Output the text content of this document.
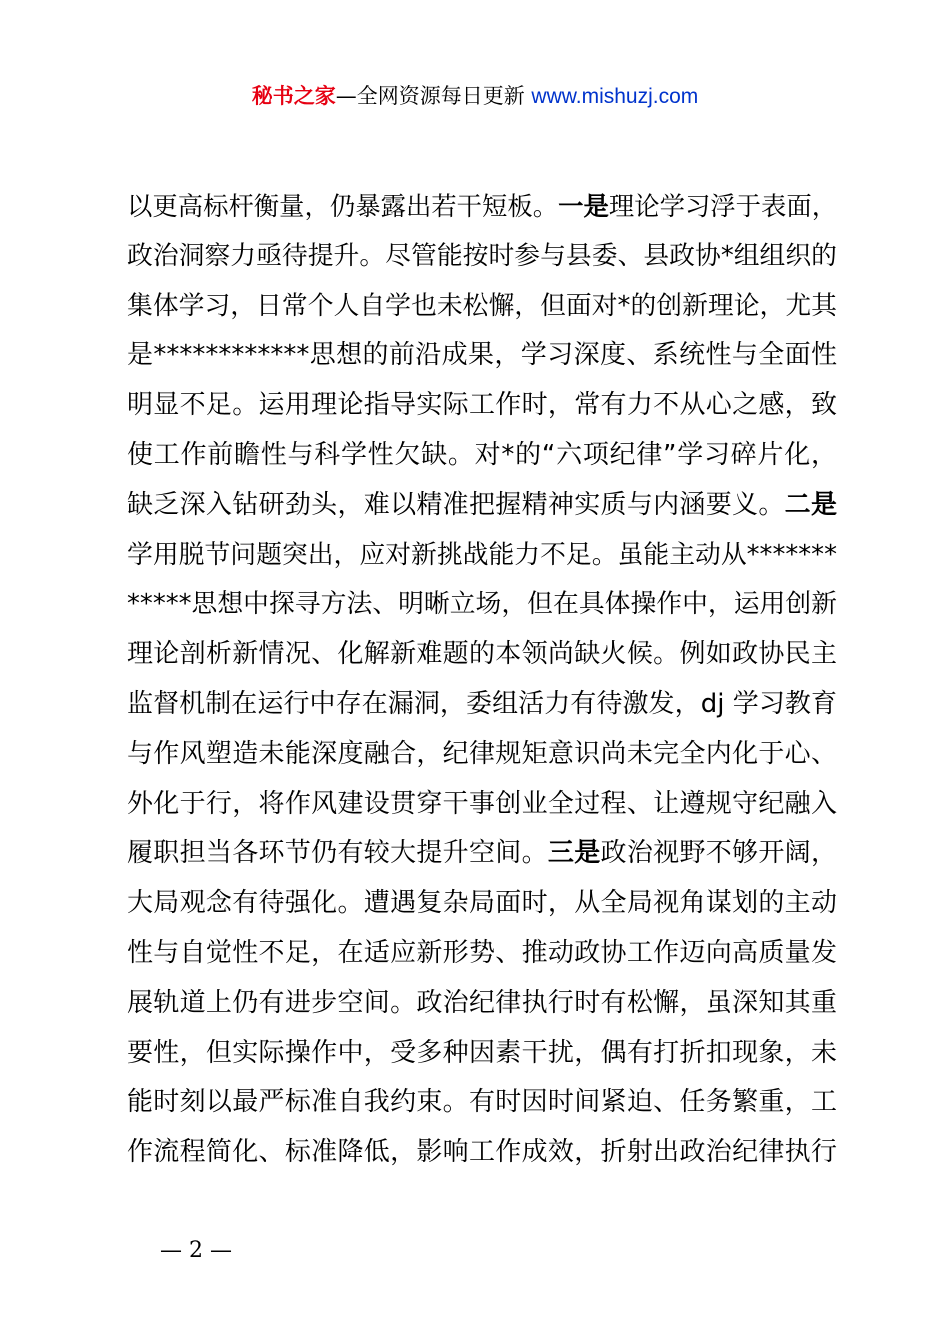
秘书之家—全网资源每日更新 www.mishuzj.com
以更高标杆衡量，仍暴露出若干短板。一是理论学习浮于表面，
政治洞察力亟待提升。尽管能按时参与县委、县政协*组组织的
集体学习，日常个人自学也未松懈，但面对*的创新理论，尤其
是************思想的前沿成果，学习深度、系统性与全面性
明显不足。运用理论指导实际工作时，常有力不从心之感，致
使工作前瞻性与科学性欠缺。对*的“六项纪律”学习碎片化，
缺乏深入钻研劲头，难以精准把握精神实质与内涵要义。二是
学用脱节问题突出，应对新挑战能力不足。虽能主动从*******
*****思想中探寻方法、明晰立场，但在具体操作中，运用创新
理论剖析新情况、化解新难题的本领尚缺火候。例如政协民主
监督机制在运行中存在漏洞，委组活力有待激发，dj 学习教育
与作风塑造未能深度融合，纪律规矩意识尚未完全内化于心、
外化于行，将作风建设贯穿干事创业全过程、让遵规守纪融入
履职担当各环节仍有较大提升空间。三是政治视野不够开阔，
大局观念有待强化。遭遇复杂局面时，从全局视角谋划的主动
性与自觉性不足，在适应新形势、推动政协工作迈向高质量发
展轨道上仍有进步空间。政治纪律执行时有松懈，虽深知其重
要性，但实际操作中，受多种因素干扰，偶有打折扣现象，未
能时刻以最严标准自我约束。有时因时间紧迫、任务繁重，工
作流程简化、标准降低，影响工作成效，折射出政治纪律执行
— 2 —
